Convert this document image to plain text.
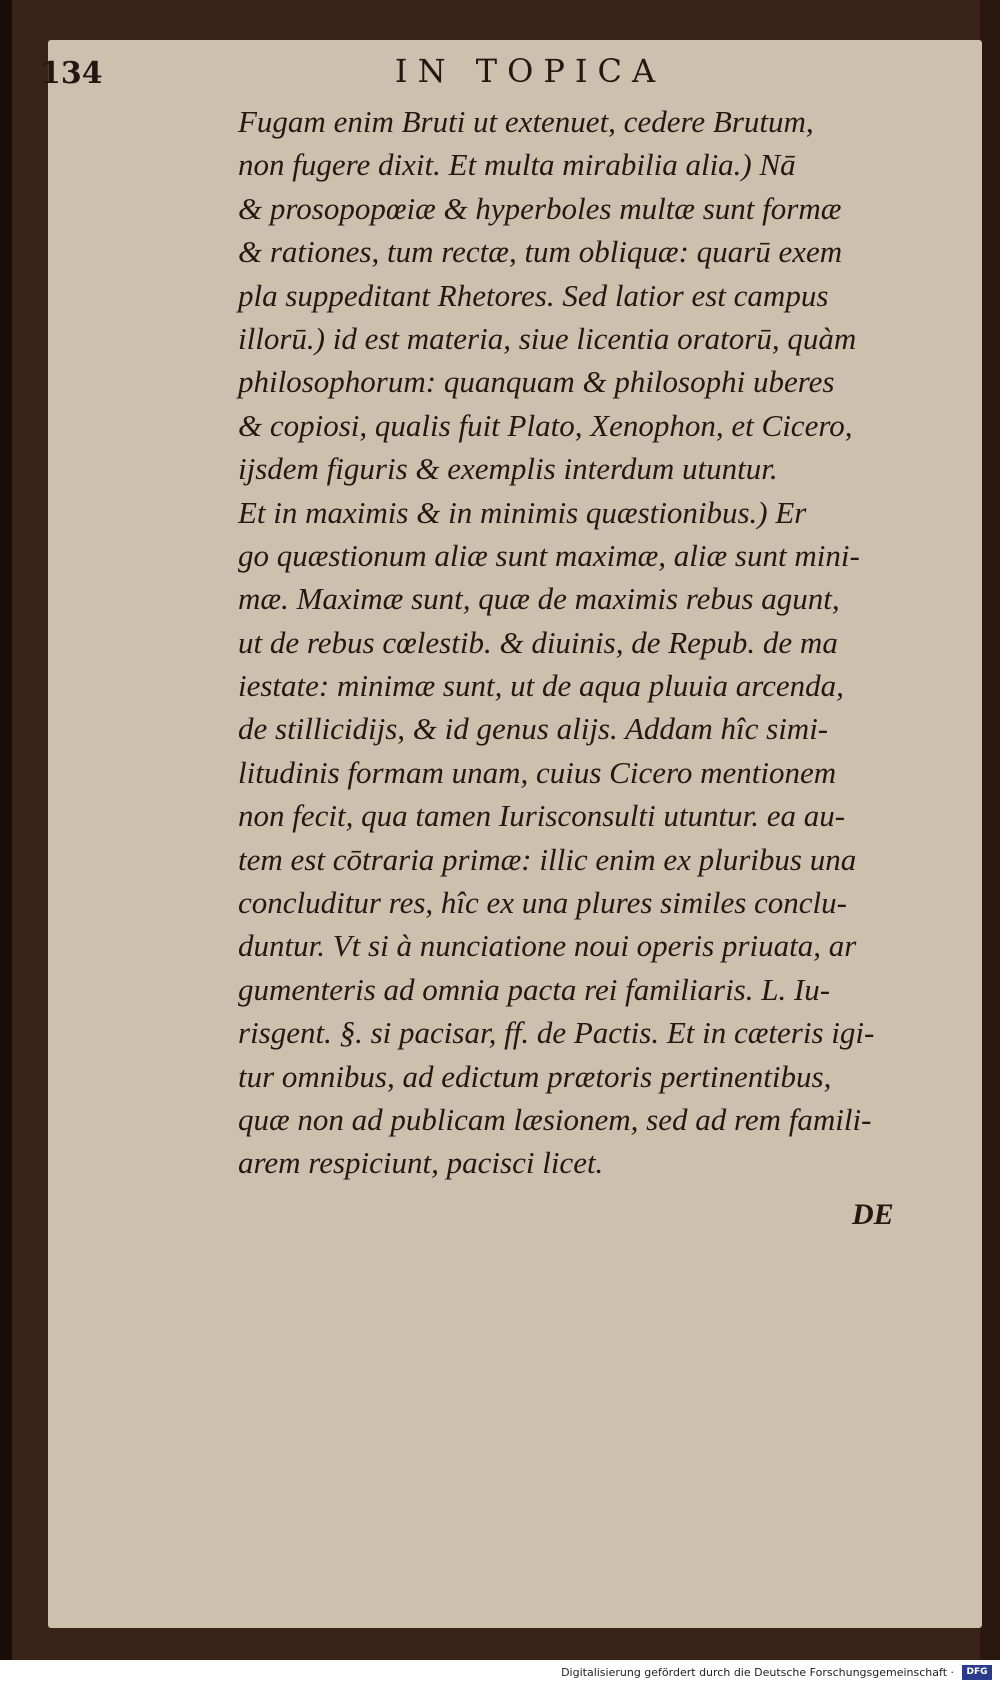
134	IN TOPICA
Fugam enim Bruti ut extenuet, cedere Brutum,
non fugere dixit. Et multa mirabilia alia.) Nā
& prosopopœiæ & hyperboles multæ sunt formæ
& rationes, tum rectæ, tum obliquæ: quarū exem
pla suppeditant Rhetores. Sed latior est campus
illorū.) id est materia, siue licentia oratorū, quàm
philosophorum: quanquam & philosophi uberes
& copiosi, qualis fuit Plato, Xenophon, et Cicero,
ijsdem figuris & exemplis interdum utuntur.
Et in maximis & in minimis quæstionibus.) Er
go quæstionum aliæ sunt maximæ, aliæ sunt mini-
mæ. Maximæ sunt, quæ de maximis rebus agunt,
ut de rebus cœlestib. & diuinis, de Repub. de ma
iestate: minimæ sunt, ut de aqua pluuia arcenda,
de stillicidijs, & id genus alijs. Addam hîc simi-
litudinis formam unam, cuius Cicero mentionem
non fecit, qua tamen Iurisconsulti utuntur. ea au-
tem est cōtraria primæ: illic enim ex pluribus una
concluditur res, hîc ex una plures similes conclu-
duntur. Vt si à nunciatione noui operis priuata, ar
gumenteris ad omnia pacta rei familiaris. L. Iu-
risgent. §. si pacisar, ff. de Pactis. Et in cæteris igi-
tur omnibus, ad edictum prætoris pertinentibus,
quæ non ad publicam læsionem, sed ad rem famili-
arem respiciunt, pacisci licet.
DE
Digitalisierung gefördert durch die Deutsche Forschungsgemeinschaft ·	DFG
